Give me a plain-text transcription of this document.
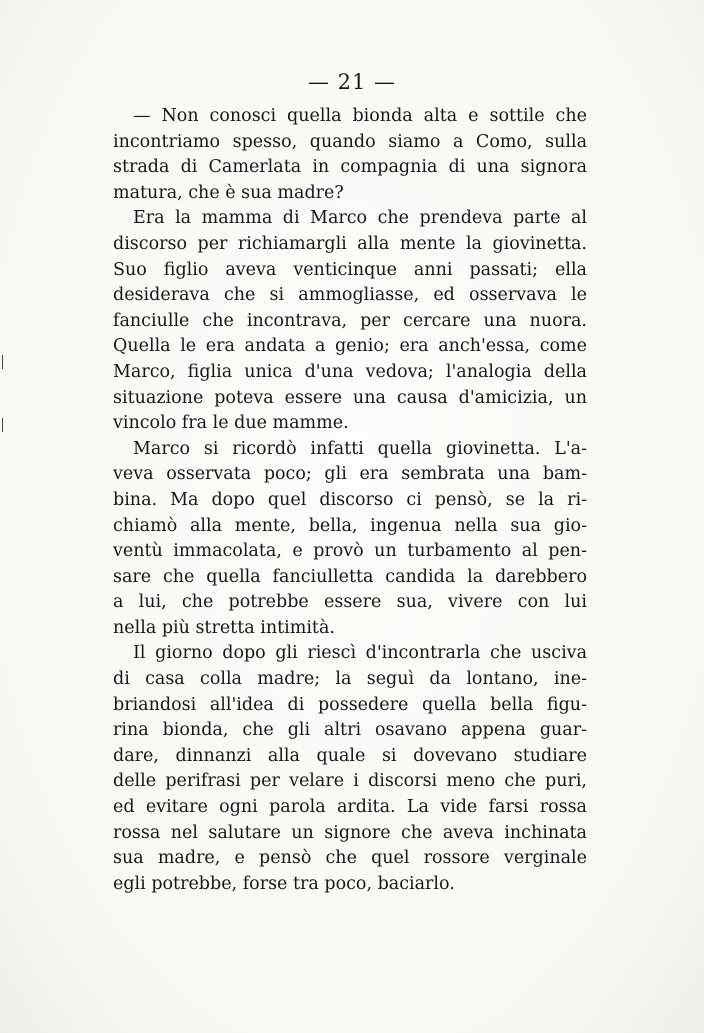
— 21 —
— Non conosci quella bionda alta e sottile che
incontriamo spesso, quando siamo a Como, sulla
strada di Camerlata in compagnia di una signora
matura, che è sua madre?
Era la mamma di Marco che prendeva parte al
discorso per richiamargli alla mente la giovinetta.
Suo figlio aveva venticinque anni passati; ella
desiderava che si ammogliasse, ed osservava le
fanciulle che incontrava, per cercare una nuora.
Quella le era andata a genio; era anch'essa, come
Marco, figlia unica d'una vedova; l'analogia della
situazione poteva essere una causa d'amicizia, un
vincolo fra le due mamme.
Marco si ricordò infatti quella giovinetta. L'a-
veva osservata poco; gli era sembrata una bam-
bina. Ma dopo quel discorso ci pensò, se la ri-
chiamò alla mente, bella, ingenua nella sua gio-
ventù immacolata, e provò un turbamento al pen-
sare che quella fanciulletta candida la darebbero
a lui, che potrebbe essere sua, vivere con lui
nella più stretta intimità.
Il giorno dopo gli riescì d'incontrarla che usciva
di casa colla madre; la seguì da lontano, ine-
briandosi all'idea di possedere quella bella figu-
rina bionda, che gli altri osavano appena guar-
dare, dinnanzi alla quale si dovevano studiare
delle perifrasi per velare i discorsi meno che puri,
ed evitare ogni parola ardita. La vide farsi rossa
rossa nel salutare un signore che aveva inchinata
sua madre, e pensò che quel rossore verginale
egli potrebbe, forse tra poco, baciarlo.
